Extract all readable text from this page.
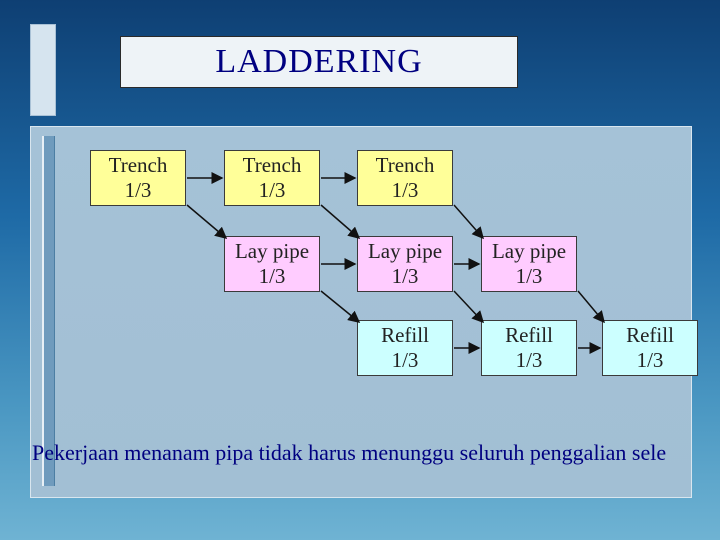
LADDERING
Trench
1/3
Trench
1/3
Trench
1/3
Lay pipe
1/3
Lay pipe
1/3
Lay pipe
1/3
Refill
1/3
Refill
1/3
Refill
1/3
Pekerjaan menanam pipa tidak harus menunggu seluruh penggalian sele
